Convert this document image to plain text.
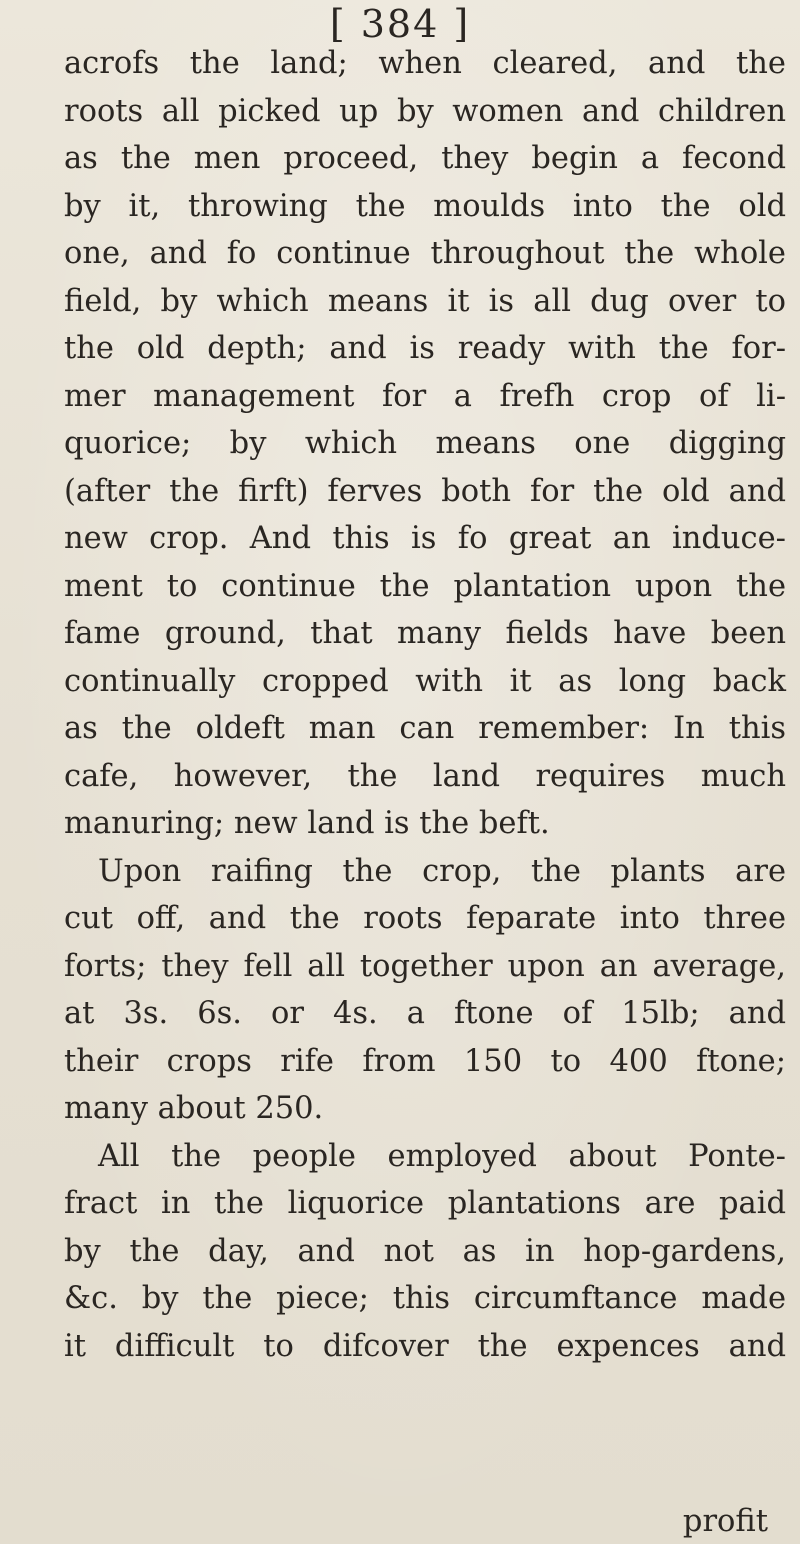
[ 384 ]
acrofs the land; when cleared, and the
roots all picked up by women and children
as the men proceed, they begin a fecond
by it, throwing the moulds into the old
one, and fo continue throughout the whole
field, by which means it is all dug over to
the old depth; and is ready with the for-
mer management for a frefh crop of li-
quorice; by which means one digging
(after the firft) ferves both for the old and
new crop. And this is fo great an induce-
ment to continue the plantation upon the
fame ground, that many fields have been
continually cropped with it as long back
as the oldeft man can remember: In this
cafe, however, the land requires much
manuring; new land is the beft.
Upon raifing the crop, the plants are
cut off, and the roots feparate into three
forts; they fell all together upon an average,
at 3s. 6s. or 4s. a ftone of 15lb; and
their crops rife from 150 to 400 ftone;
many about 250.
All the people employed about Ponte-
fract in the liquorice plantations are paid
by the day, and not as in hop-gardens,
&c. by the piece; this circumftance made
it difficult to difcover the expences and
profit
